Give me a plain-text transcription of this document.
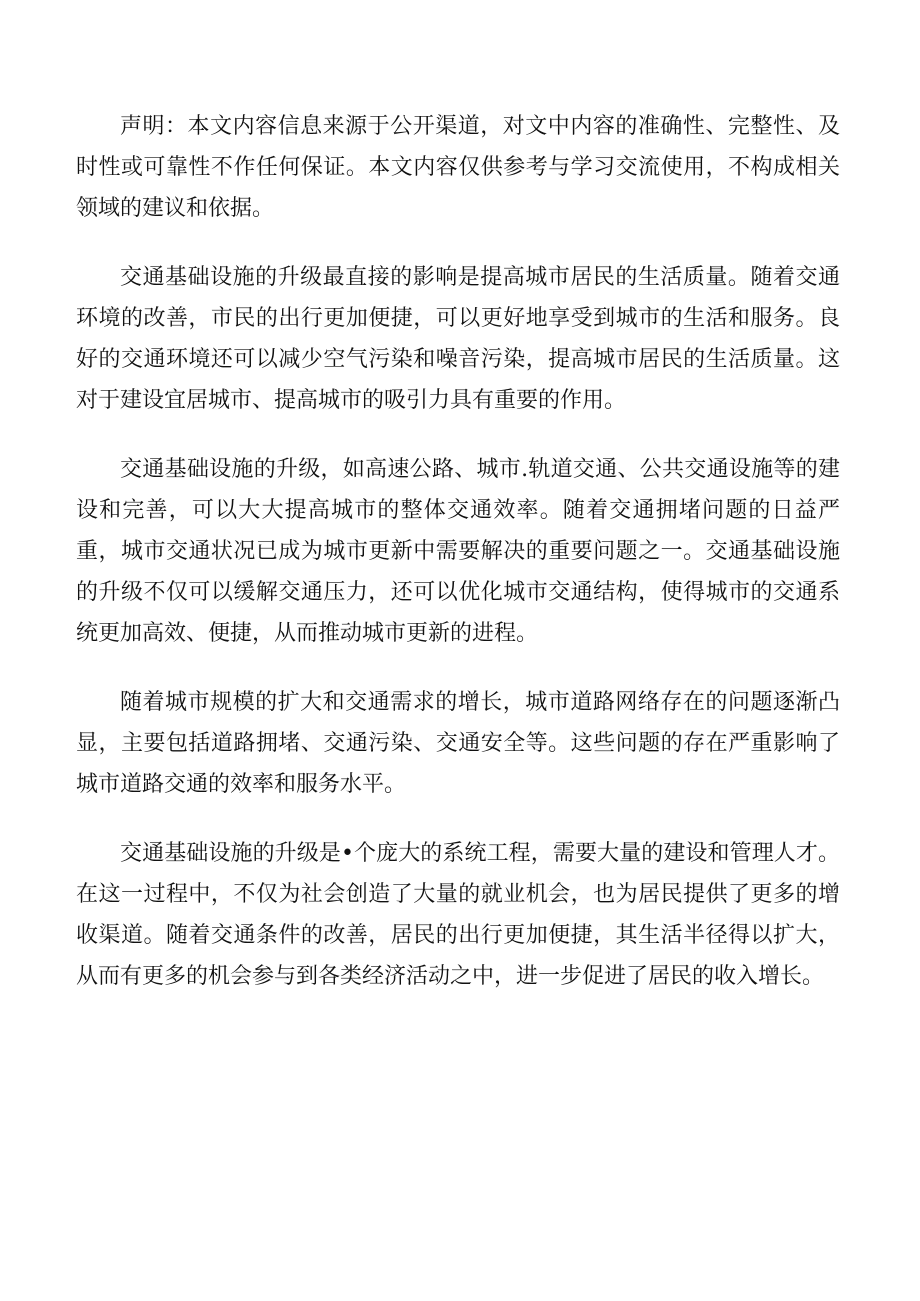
声明：本文内容信息来源于公开渠道，对文中内容的准确性、完整性、及时性或可靠性不作任何保证。本文内容仅供参考与学习交流使用，不构成相关领域的建议和依据。

交通基础设施的升级最直接的影响是提高城市居民的生活质量。随着交通环境的改善，市民的出行更加便捷，可以更好地享受到城市的生活和服务。良好的交通环境还可以减少空气污染和噪音污染，提高城市居民的生活质量。这对于建设宜居城市、提高城市的吸引力具有重要的作用。

交通基础设施的升级，如高速公路、城市.轨道交通、公共交通设施等的建设和完善，可以大大提高城市的整体交通效率。随着交通拥堵问题的日益严重，城市交通状况已成为城市更新中需要解决的重要问题之一。交通基础设施的升级不仅可以缓解交通压力，还可以优化城市交通结构，使得城市的交通系统更加高效、便捷，从而推动城市更新的进程。

随着城市规模的扩大和交通需求的增长，城市道路网络存在的问题逐渐凸显，主要包括道路拥堵、交通污染、交通安全等。这些问题的存在严重影响了城市道路交通的效率和服务水平。

交通基础设施的升级是•个庞大的系统工程，需要大量的建设和管理人才。在这一过程中，不仅为社会创造了大量的就业机会，也为居民提供了更多的增收渠道。随着交通条件的改善，居民的出行更加便捷，其生活半径得以扩大，从而有更多的机会参与到各类经济活动之中，进一步促进了居民的收入增长。
